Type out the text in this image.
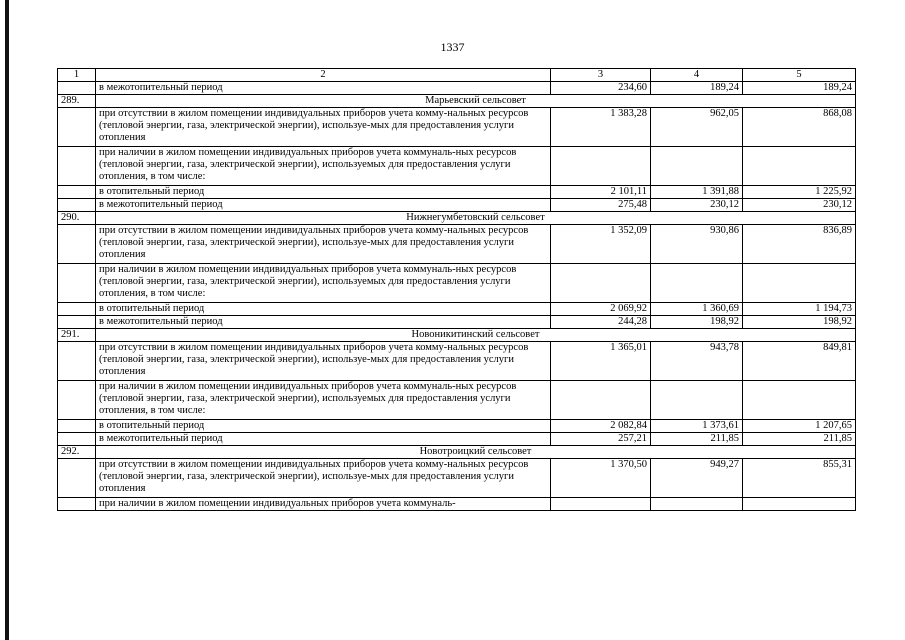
1337
1	2	3	4	5
	в межотопительный период	234,60	189,24	189,24
289.	Марьевский сельсовет			
	при отсутствии в жилом помещении индивидуальных приборов учета комму-нальных ресурсов (тепловой энергии, газа, электрической энергии), используе-мых для предоставления услуги отопления	1 383,28	962,05	868,08
	при наличии в жилом помещении индивидуальных приборов учета коммуналь-ных ресурсов (тепловой энергии, газа, электрической энергии), используемых для предоставления услуги отопления, в том числе:			
	в отопительный период	2 101,11	1 391,88	1 225,92
	в межотопительный период	275,48	230,12	230,12
290.	Нижнегумбетовский сельсовет			
	при отсутствии в жилом помещении индивидуальных приборов учета комму-нальных ресурсов (тепловой энергии, газа, электрической энергии), используе-мых для предоставления услуги отопления	1 352,09	930,86	836,89
	при наличии в жилом помещении индивидуальных приборов учета коммуналь-ных ресурсов (тепловой энергии, газа, электрической энергии), используемых для предоставления услуги отопления, в том числе:			
	в отопительный период	2 069,92	1 360,69	1 194,73
	в межотопительный период	244,28	198,92	198,92
291.	Новоникитинский сельсовет			
	при отсутствии в жилом помещении индивидуальных приборов учета комму-нальных ресурсов (тепловой энергии, газа, электрической энергии), используе-мых для предоставления услуги отопления	1 365,01	943,78	849,81
	при наличии в жилом помещении индивидуальных приборов учета коммуналь-ных ресурсов (тепловой энергии, газа, электрической энергии), используемых для предоставления услуги отопления, в том числе:			
	в отопительный период	2 082,84	1 373,61	1 207,65
	в межотопительный период	257,21	211,85	211,85
292.	Новотроицкий сельсовет			
	при отсутствии в жилом помещении индивидуальных приборов учета комму-нальных ресурсов (тепловой энергии, газа, электрической энергии), используе-мых для предоставления услуги отопления	1 370,50	949,27	855,31
	при наличии в жилом помещении индивидуальных приборов учета коммуналь-			
